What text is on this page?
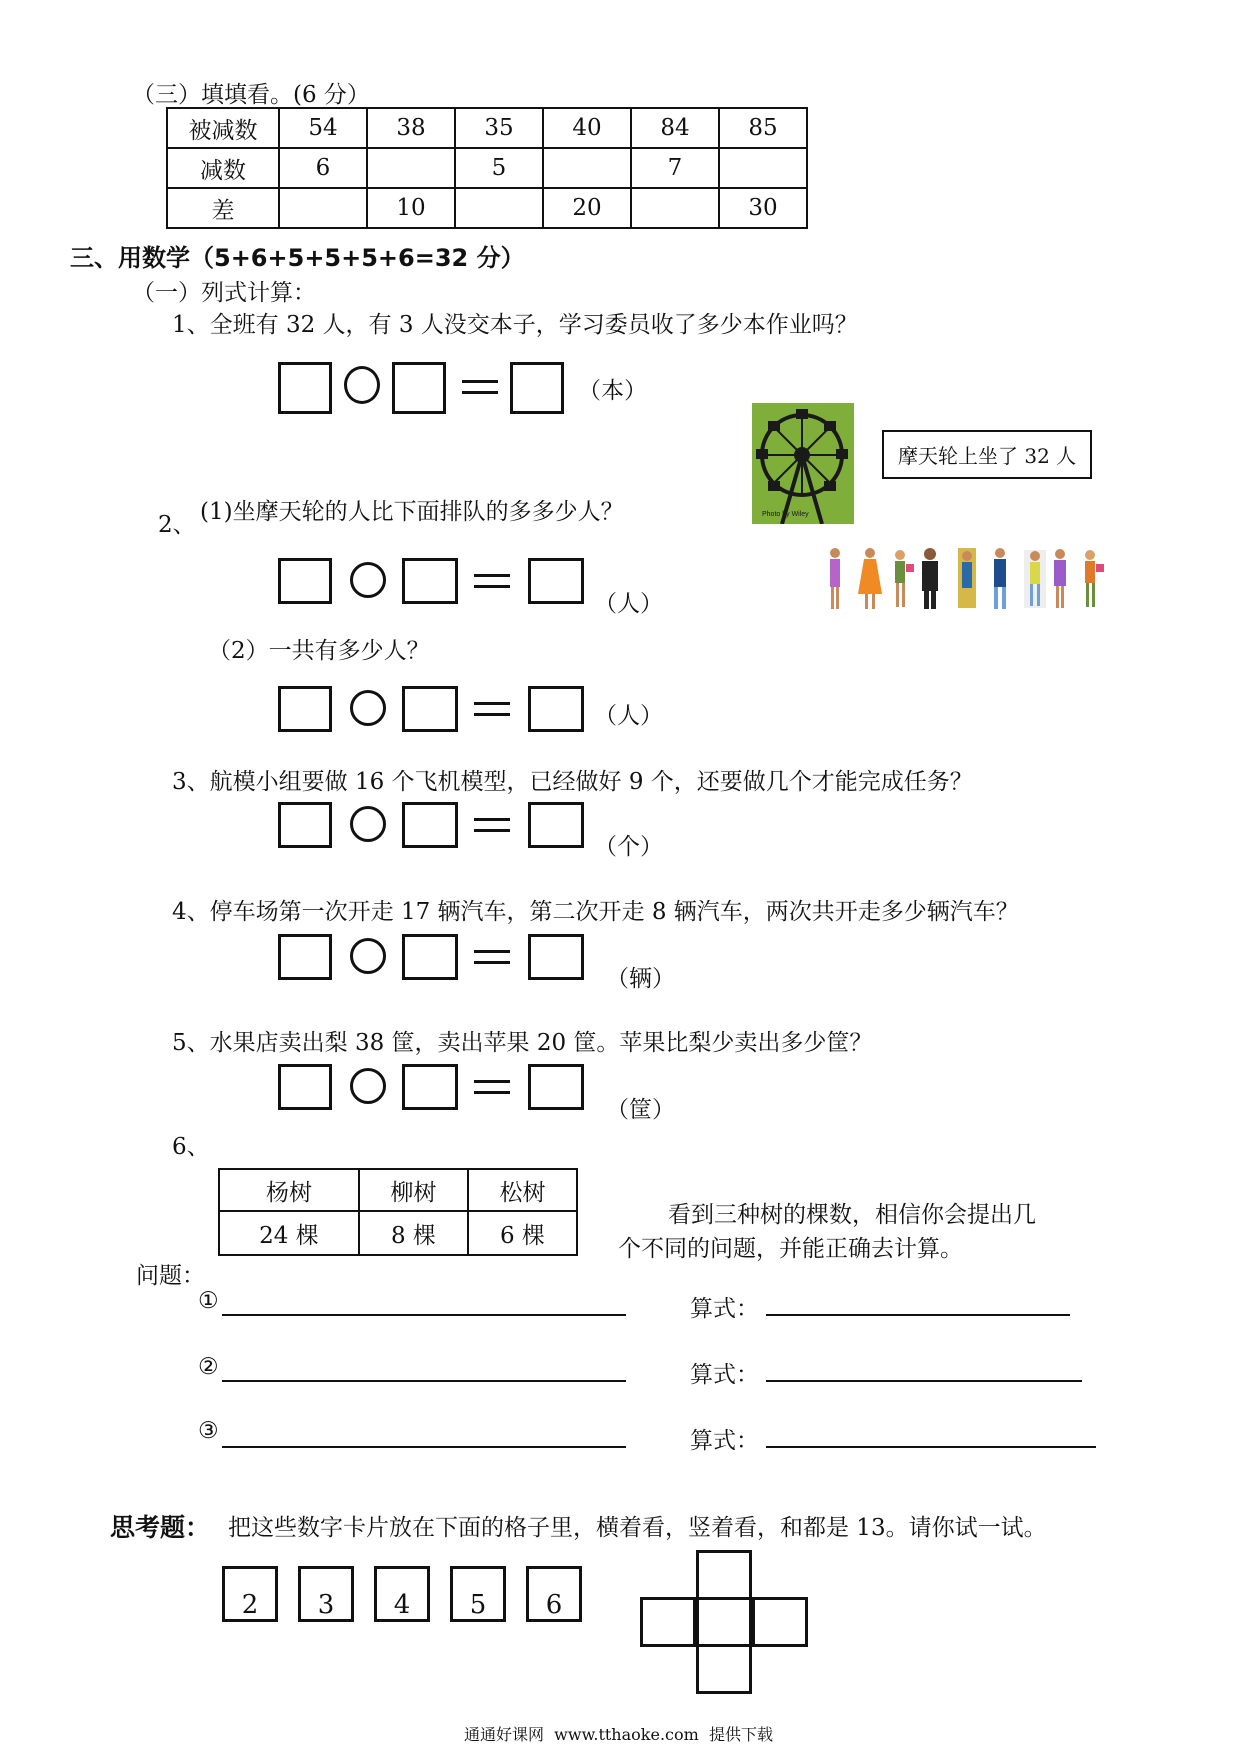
（三）填填看。(6 分）
被减数	54	38	35	40	84	85
减数	6		5		7	
差		10		20		30
三、用数学（5+6+5+5+5+6=32 分）
（一）列式计算：
1、全班有 32 人，有 3 人没交本子，学习委员收了多少本作业吗？
（本）
Photo by Wiley
摩天轮上坐了 32 人
2、 (1)坐摩天轮的人比下面排队的多多少人？
（人）
（2）一共有多少人？
（人）
3、航模小组要做 16 个飞机模型，已经做好 9 个，还要做几个才能完成任务？
（个）
4、停车场第一次开走 17 辆汽车，第二次开走 8 辆汽车，两次共开走多少辆汽车？
（辆）
5、水果店卖出梨 38 筐，卖出苹果 20 筐。苹果比梨少卖出多少筐？
（筐）
6、
杨树	柳树	松树
24 棵	8 棵	6 棵
看到三种树的棵数，相信你会提出几
个不同的问题，并能正确去计算。
问题：
①	算式：
②	算式：
③	算式：
思考题： 把这些数字卡片放在下面的格子里，横着看，竖着看，和都是 13。请你试一试。
2	3	4	5	6
通通好课网  www.tthaoke.com  提供下载
